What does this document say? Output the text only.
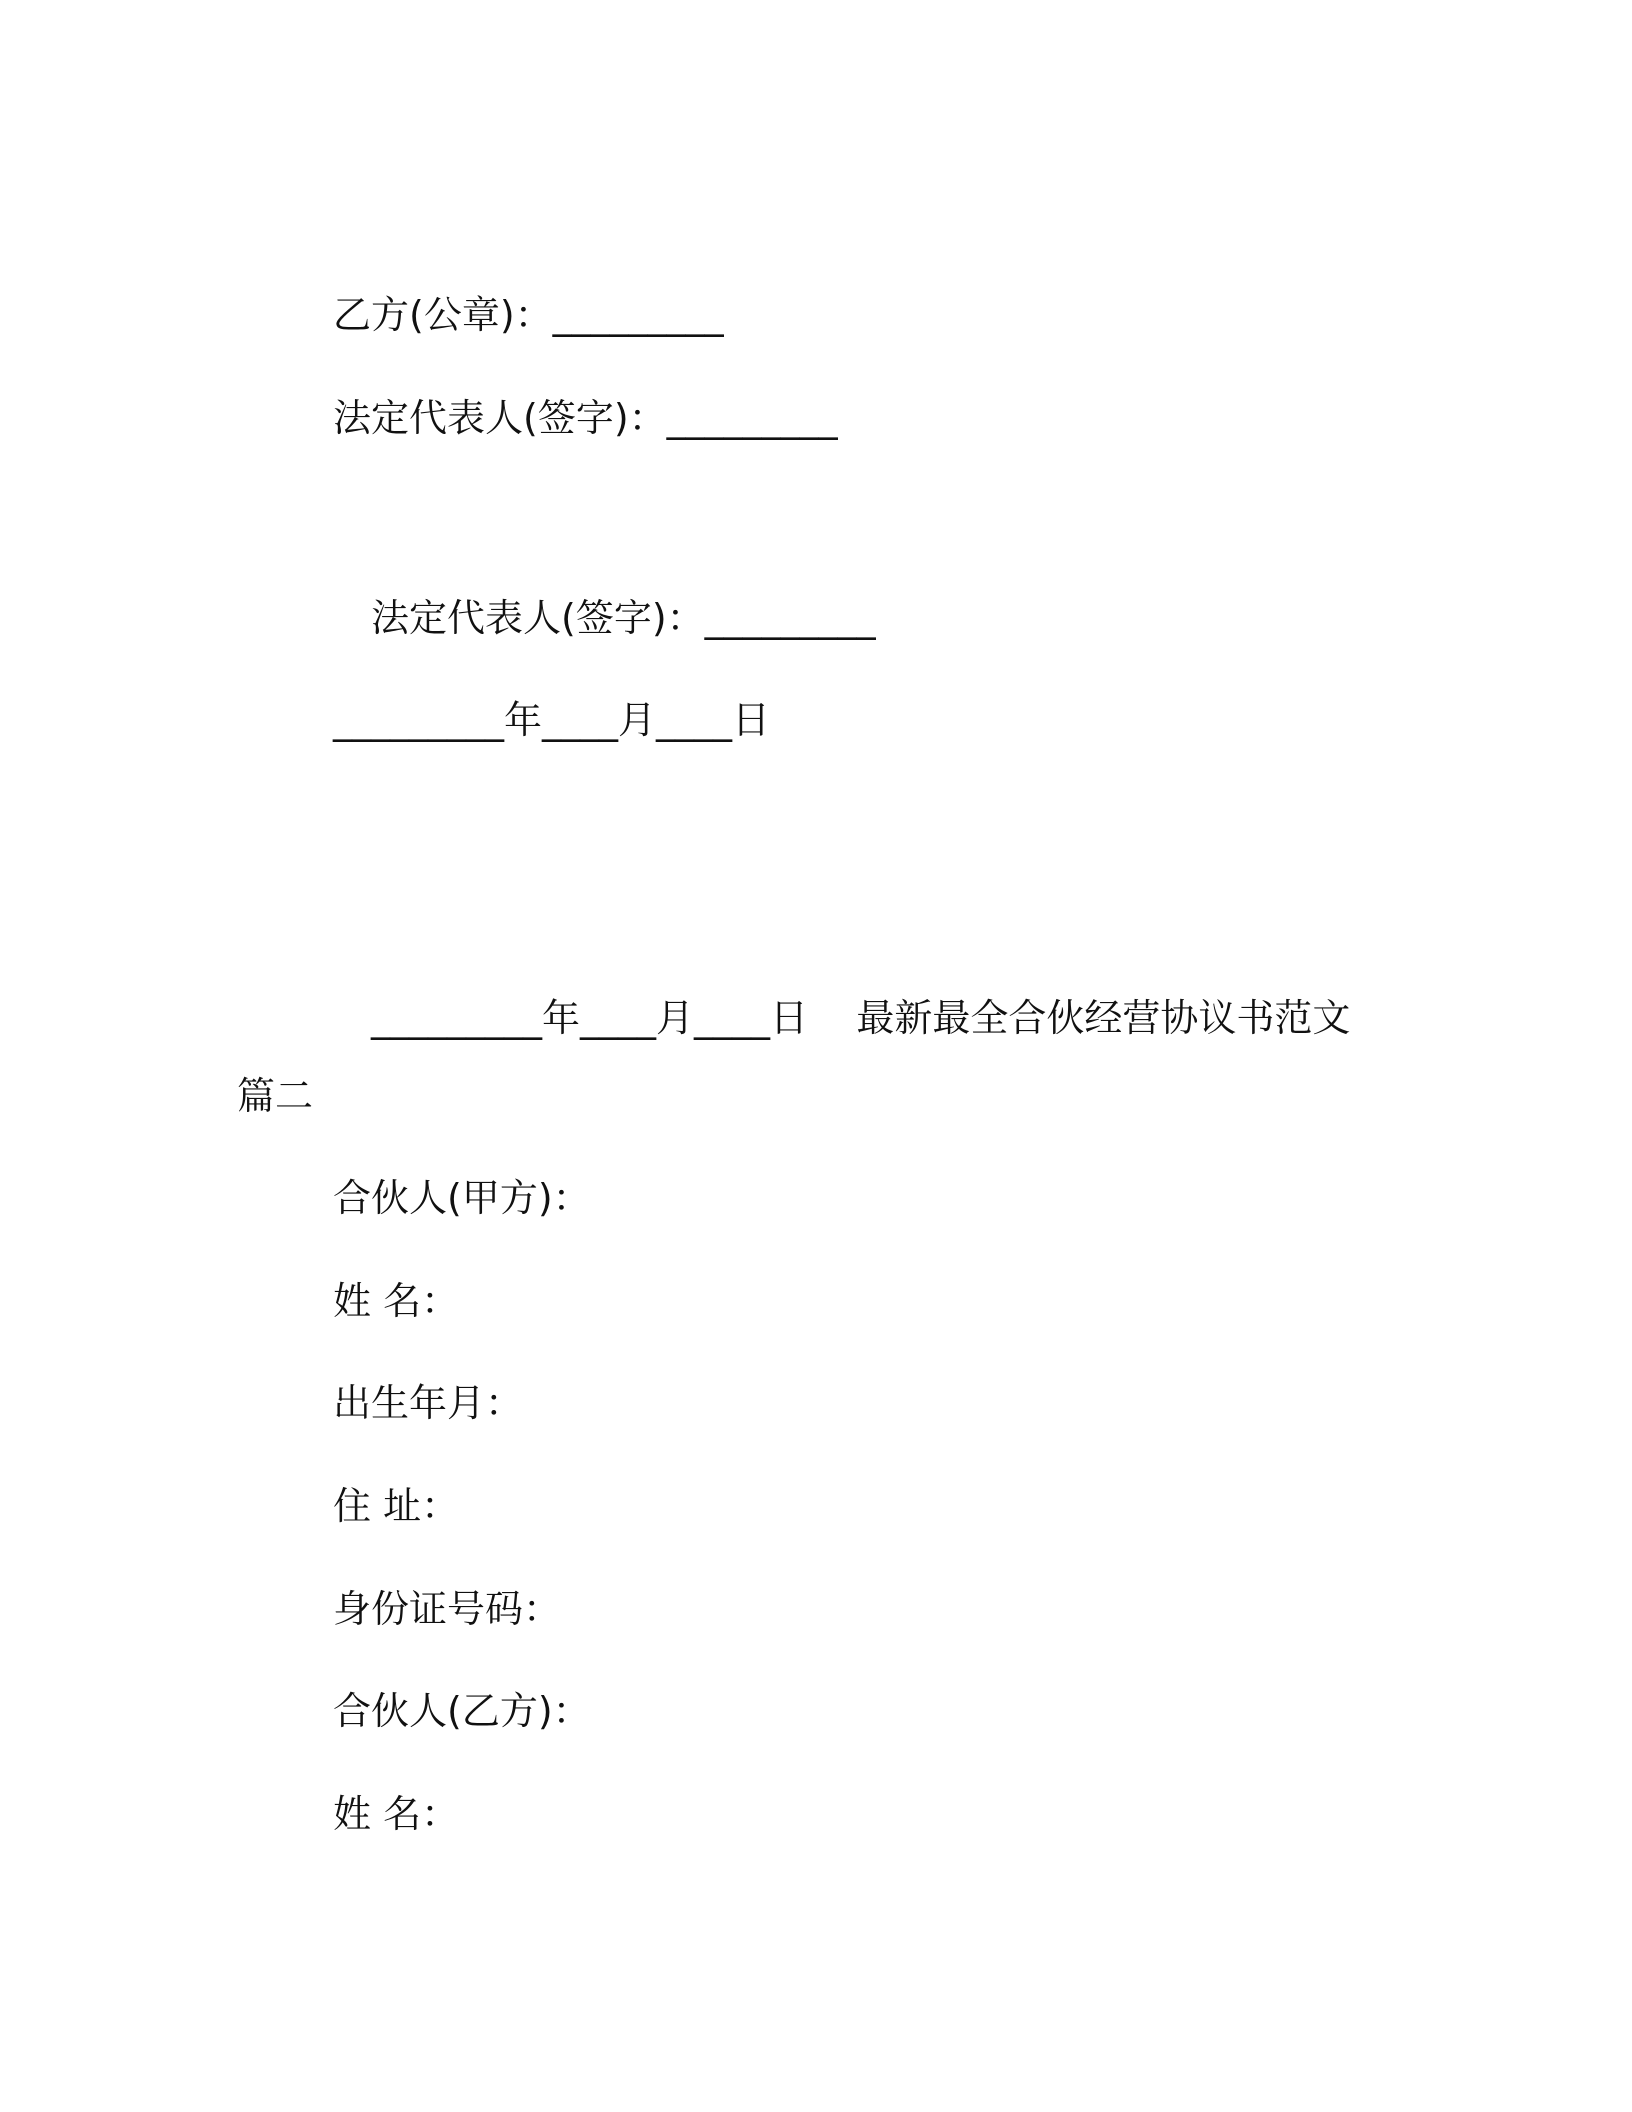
乙方(公章)：_________
法定代表人(签字)：_________
法定代表人(签字)：_________
_________年____月____日
_________年____月____日    最新最全合伙经营协议书范文
篇二
合伙人(甲方)：
姓 名：
出生年月：
住 址：
身份证号码：
合伙人(乙方)：
姓 名：
